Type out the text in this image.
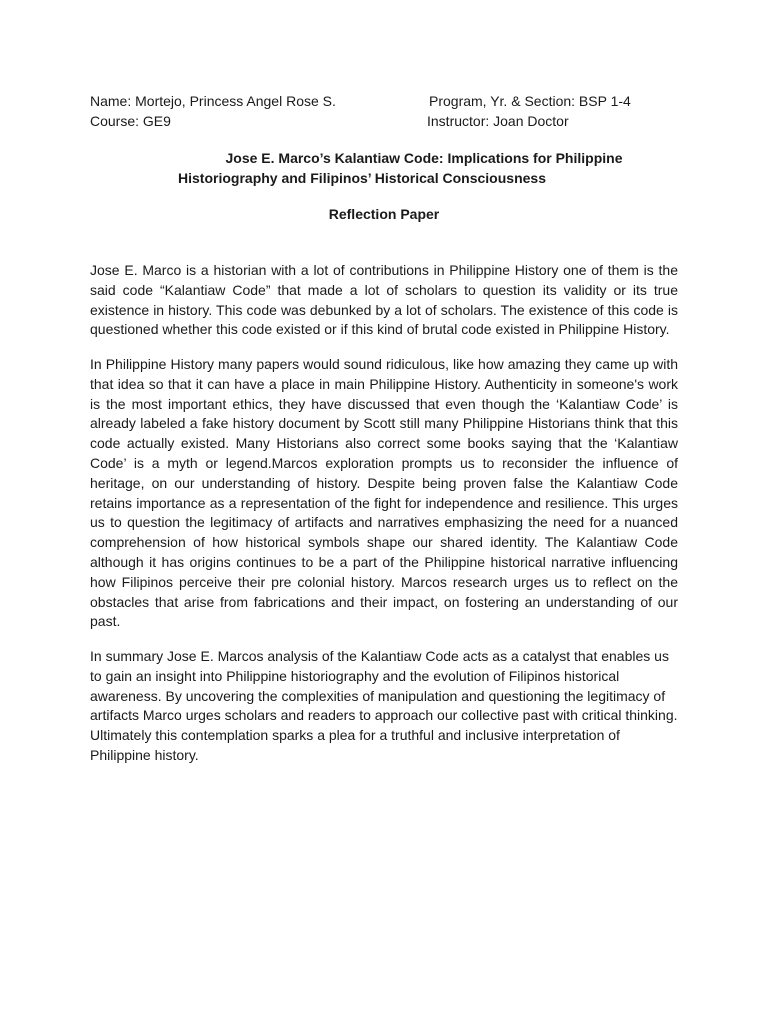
Name: Mortejo, Princess Angel Rose S.	Program, Yr. & Section: BSP 1-4
Course: GE9	Instructor: Joan Doctor
Jose E. Marco’s Kalantiaw Code: Implications for Philippine
Historiography and Filipinos’ Historical Consciousness
Reflection Paper

Jose E. Marco is a historian with a lot of contributions in Philippine History one of them is the said code “Kalantiaw Code” that made a lot of scholars to question its validity or its true existence in history. This code was debunked by a lot of scholars. The existence of this code is questioned whether this code existed or if this kind of brutal code existed in Philippine History.

In Philippine History many papers would sound ridiculous, like how amazing they came up with that idea so that it can have a place in main Philippine History. Authenticity in someone's work is the most important ethics, they have discussed that even though the ‘Kalantiaw Code’ is already labeled a fake history document by Scott still many Philippine Historians think that this code actually existed. Many Historians also correct some books saying that the ‘Kalantiaw Code’ is a myth or legend.Marcos exploration prompts us to reconsider the influence of heritage, on our understanding of history. Despite being proven false the Kalantiaw Code retains importance as a representation of the fight for independence and resilience. This urges us to question the legitimacy of artifacts and narratives emphasizing the need for a nuanced comprehension of how historical symbols shape our shared identity. The Kalantiaw Code although it has origins continues to be a part of the Philippine historical narrative influencing how Filipinos perceive their pre colonial history. Marcos research urges us to reflect on the obstacles that arise from fabrications and their impact, on fostering an understanding of our past.

In summary Jose E. Marcos analysis of the Kalantiaw Code acts as a catalyst that enables us to gain an insight into Philippine historiography and the evolution of Filipinos historical awareness. By uncovering the complexities of manipulation and questioning the legitimacy of artifacts Marco urges scholars and readers to approach our collective past with critical thinking. Ultimately this contemplation sparks a plea for a truthful and inclusive interpretation of Philippine history.
